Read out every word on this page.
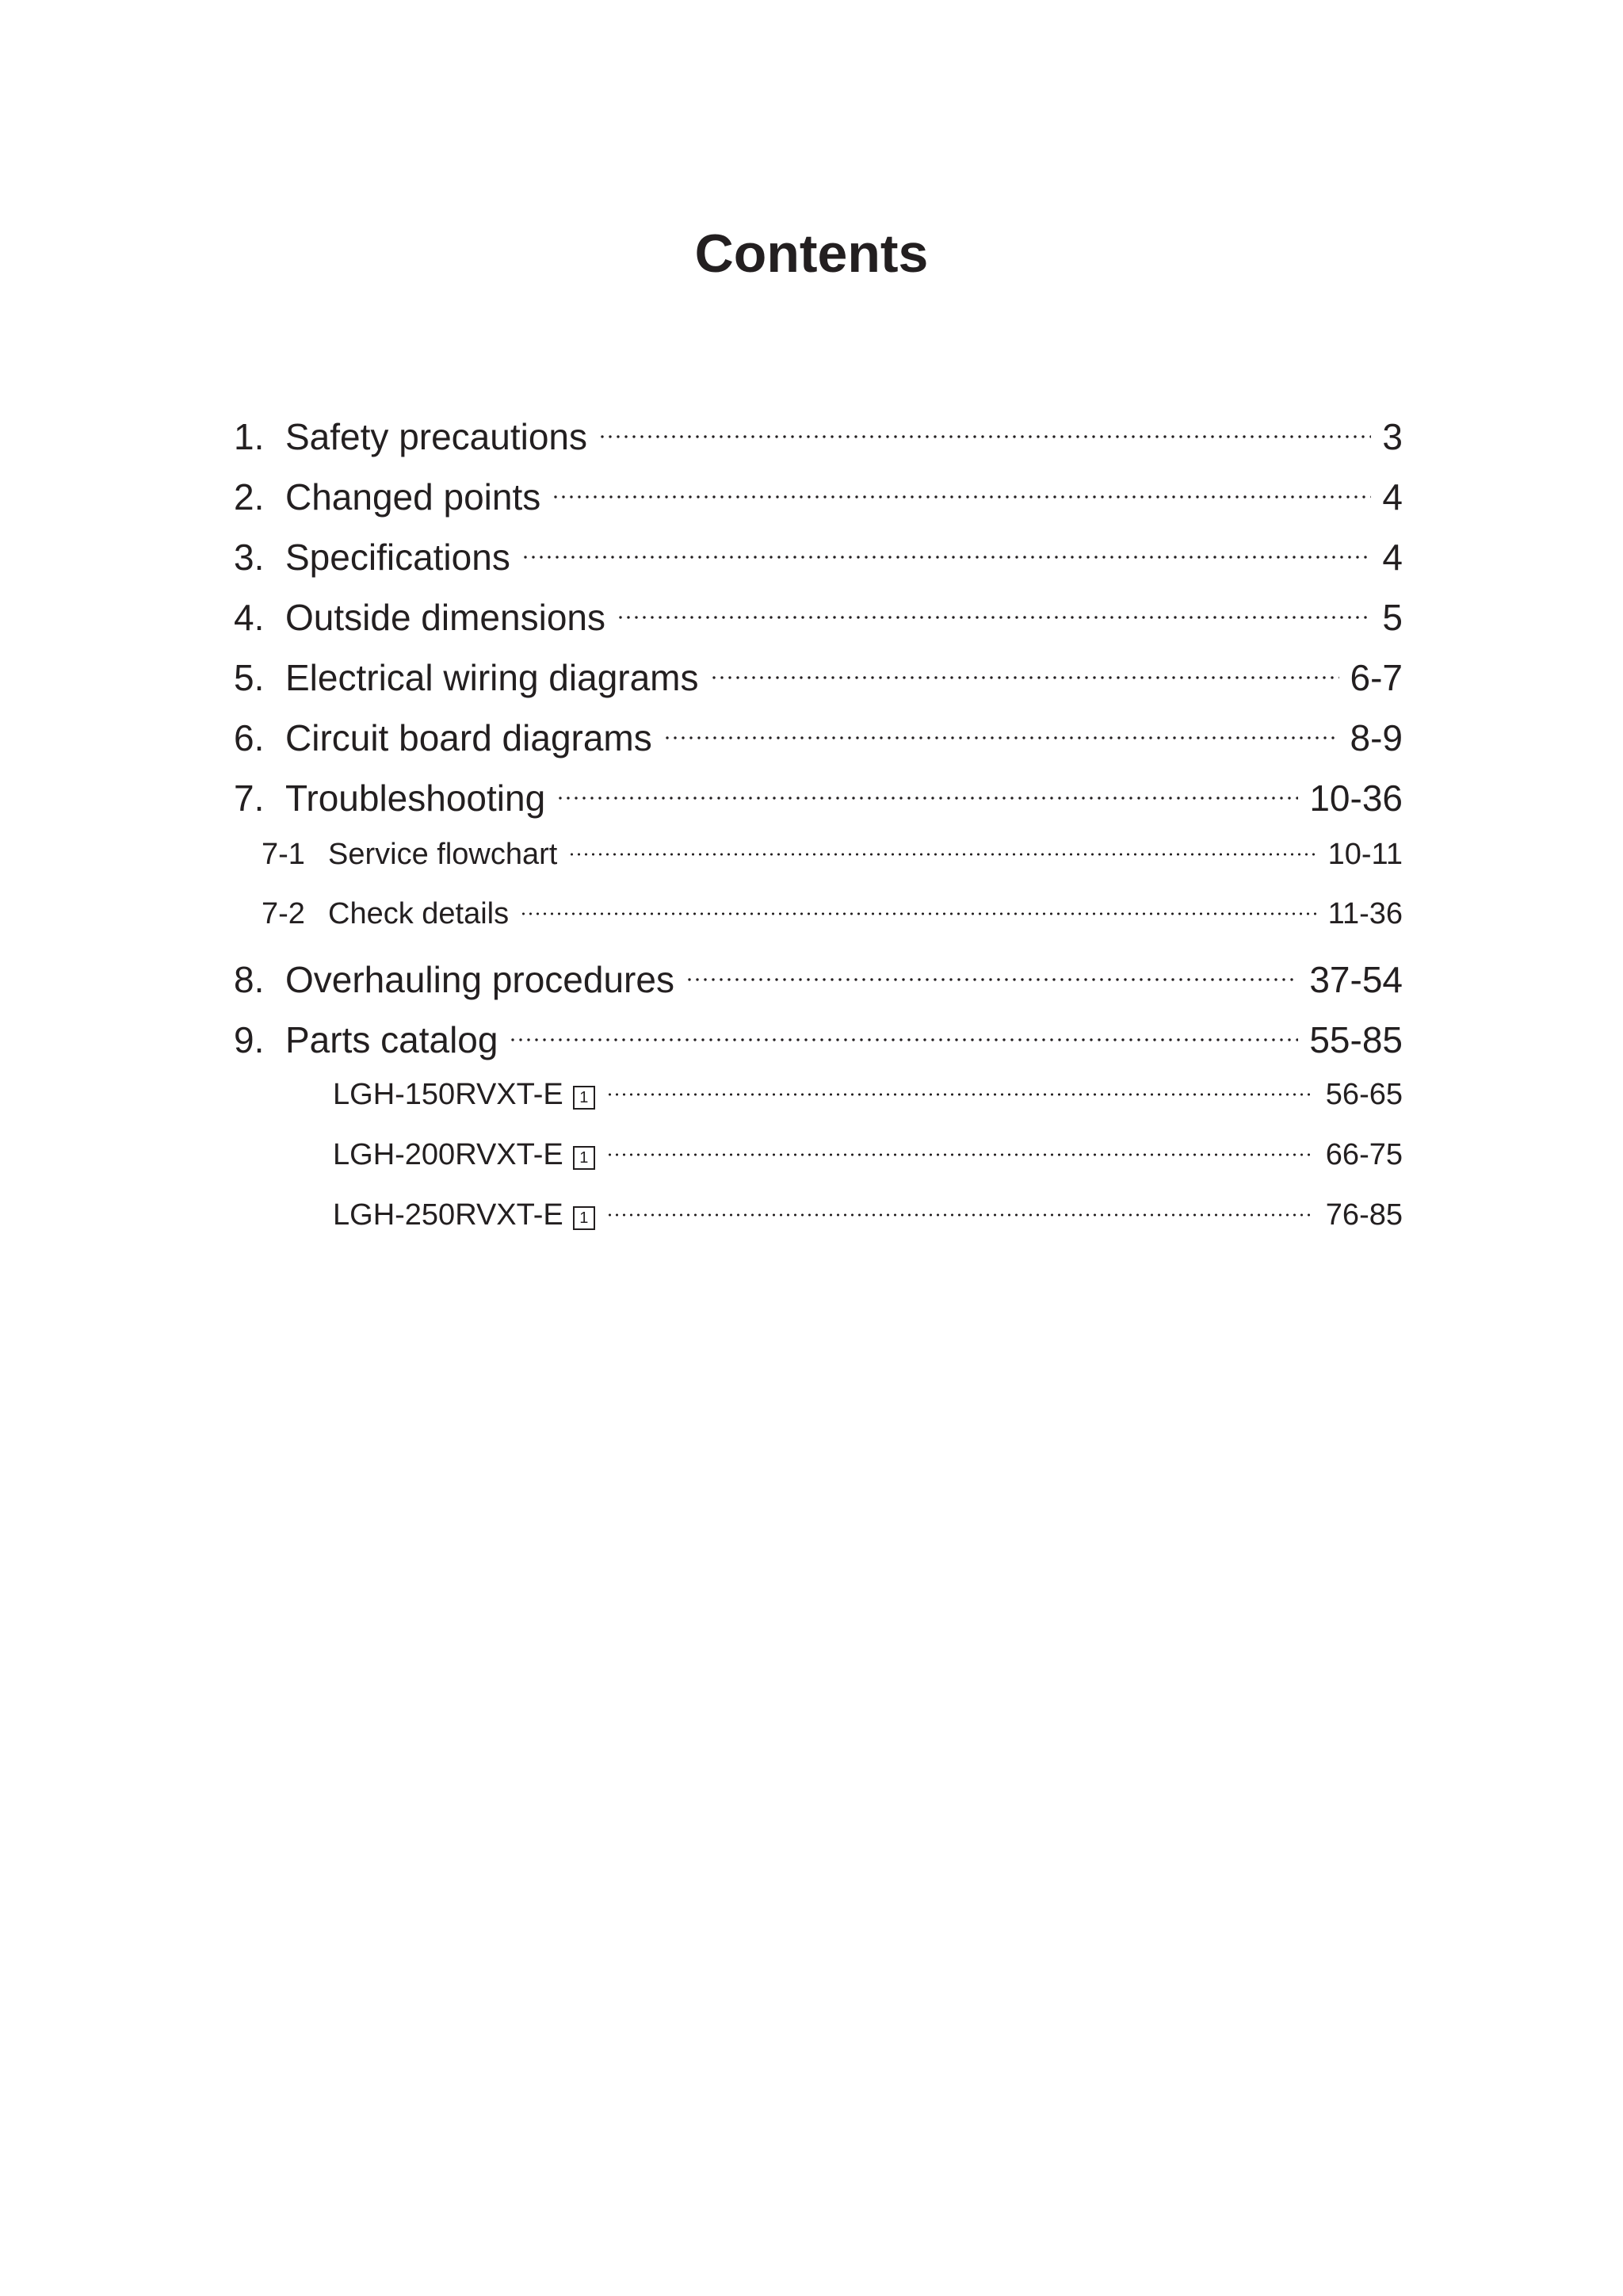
Contents
1. Safety precautions	3
2. Changed points	4
3. Specifications	4
4. Outside dimensions	5
5. Electrical wiring diagrams	6-7
6. Circuit board diagrams	8-9
7. Troubleshooting	10-36
7-1 Service flowchart	10-11
7-2 Check details	11-36
8. Overhauling procedures	37-54
9. Parts catalog	55-85
LGH-150RVXT-E	1	56-65
LGH-200RVXT-E	1	66-75
LGH-250RVXT-E	1	76-85
